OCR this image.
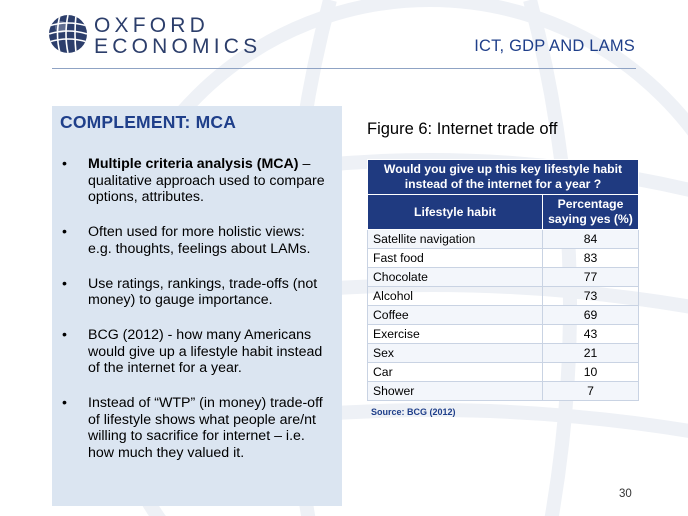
OXFORD
ECONOMICS	ICT, GDP AND LAMS
COMPLEMENT: MCA
•	Multiple criteria analysis (MCA) – qualitative approach used to compare options, attributes.
•	Often used for more holistic views: e.g. thoughts, feelings about LAMs.
•	Use ratings, rankings, trade-offs (not money) to gauge importance.
•	BCG (2012) - how many Americans would give up a lifestyle habit instead of the internet for a year.
•	Instead of “WTP” (in money) trade-off of lifestyle shows what people are/nt willing to sacrifice for internet – i.e. how much they valued it.
Figure 6: Internet trade off
Would you give up this key lifestyle habit instead of the internet for a year ?	
Lifestyle habit	Percentage saying yes (%)
Satellite navigation	84
Fast food	83
Chocolate	77
Alcohol	73
Coffee	69
Exercise	43
Sex	21
Car	10
Shower	7
Source: BCG (2012)
30
